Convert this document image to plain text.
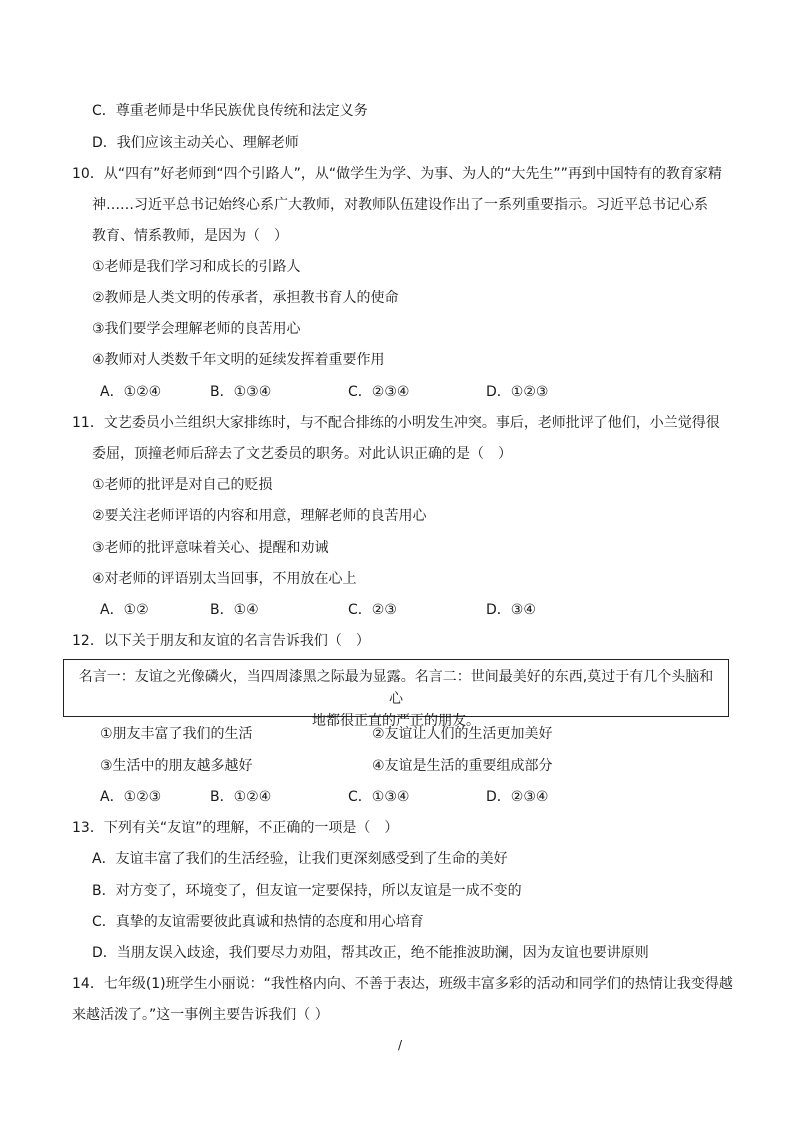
C．尊重老师是中华民族优良传统和法定义务
D．我们应该主动关心、理解老师
10．从“四有”好老师到“四个引路人”，从“做学生为学、为事、为人的“大先生””再到中国特有的教育家精
神……习近平总书记始终心系广大教师，对教师队伍建设作出了一系列重要指示。习近平总书记心系
教育、情系教师，是因为（　）
①老师是我们学习和成长的引路人
②教师是人类文明的传承者，承担教书育人的使命
③我们要学会理解老师的良苦用心
④教师对人类数千年文明的延续发挥着重要作用
A．①②④	B．①③④	C．②③④	D．①②③
11．文艺委员小兰组织大家排练时，与不配合排练的小明发生冲突。事后，老师批评了他们，小兰觉得很
委屈，顶撞老师后辞去了文艺委员的职务。对此认识正确的是（　）
①老师的批评是对自己的贬损
②要关注老师评语的内容和用意，理解老师的良苦用心
③老师的批评意味着关心、提醒和劝诫
④对老师的评语别太当回事，不用放在心上
A．①②	B．①④	C．②③	D．③④
12．以下关于朋友和友谊的名言告诉我们（　）
名言一：友谊之光像磷火，当四周漆黑之际最为显露。名言二：世间最美好的东西,莫过于有几个头脑和心
地都很正直的严正的朋友。
①朋友丰富了我们的生活	②友谊让人们的生活更加美好
③生活中的朋友越多越好	④友谊是生活的重要组成部分
A．①②③	B．①②④	C．①③④	D．②③④
13．下列有关“友谊”的理解，不正确的一项是（　）
A．友谊丰富了我们的生活经验，让我们更深刻感受到了生命的美好
B．对方变了，环境变了，但友谊一定要保持，所以友谊是一成不变的
C．真挚的友谊需要彼此真诚和热情的态度和用心培育
D．当朋友误入歧途，我们要尽力劝阻，帮其改正，绝不能推波助澜，因为友谊也要讲原则
14．七年级(1)班学生小丽说：“我性格内向、不善于表达，班级丰富多彩的活动和同学们的热情让我变得越
来越活泼了。”这一事例主要告诉我们（ ）
/
